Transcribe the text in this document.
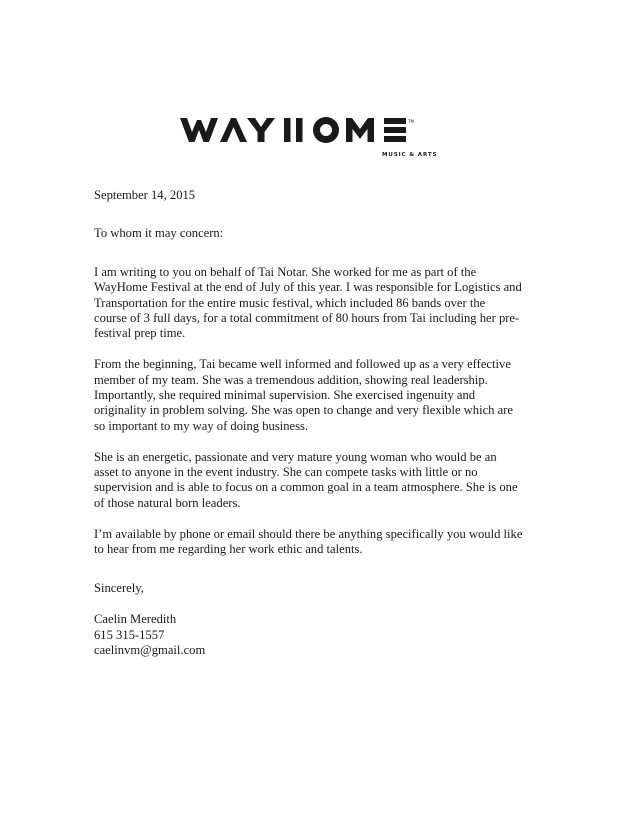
TM
MUSIC & ARTS

September 14, 2015

To whom it may concern:

I am writing to you on behalf of Tai Notar. She worked for me as part of the
WayHome Festival at the end of July of this year. I was responsible for Logistics and
Transportation for the entire music festival, which included 86 bands over the
course of 3 full days, for a total commitment of 80 hours from Tai including her pre-
festival prep time.

From the beginning, Tai became well informed and followed up as a very effective
member of my team. She was a tremendous addition, showing real leadership.
Importantly, she required minimal supervision. She exercised ingenuity and
originality in problem solving. She was open to change and very flexible which are
so important to my way of doing business.

She is an energetic, passionate and very mature young woman who would be an
asset to anyone in the event industry. She can compete tasks with little or no
supervision and is able to focus on a common goal in a team atmosphere. She is one
of those natural born leaders.

I’m available by phone or email should there be anything specifically you would like
to hear from me regarding her work ethic and talents.

Sincerely,

Caelin Meredith
615 315-1557
caelinvm@gmail.com
